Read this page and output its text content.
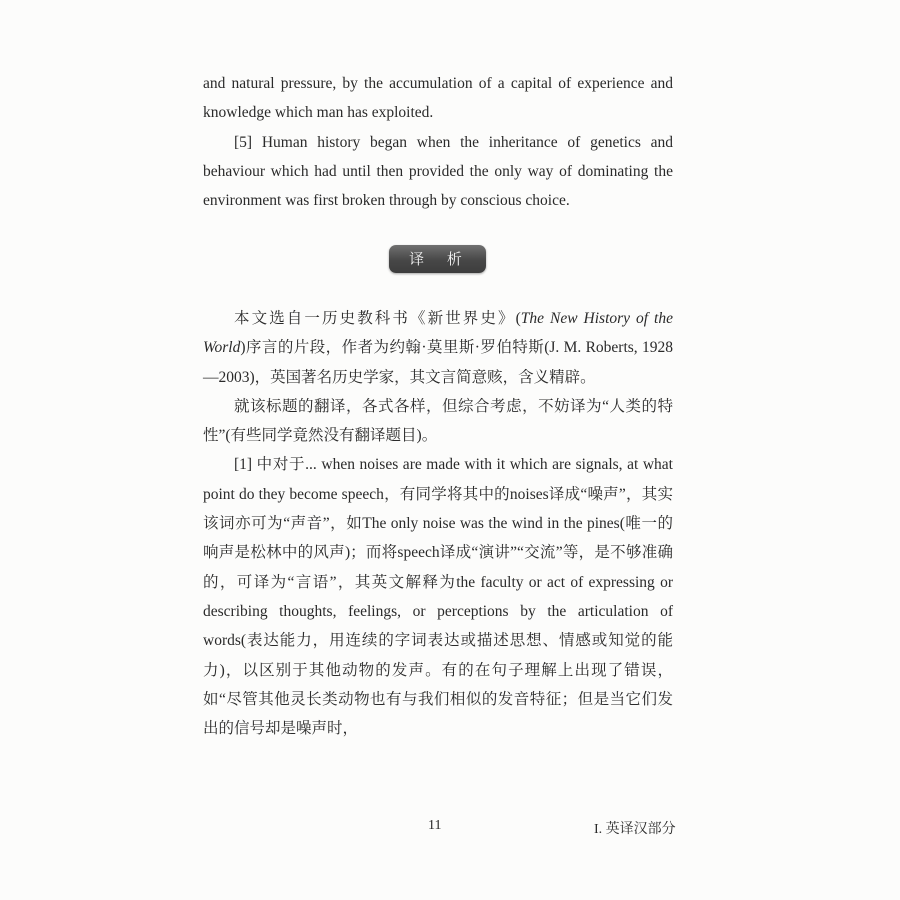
and natural pressure, by the accumulation of a capital of experience and knowledge which man has exploited.

[5] Human history began when the inheritance of genetics and behaviour which had until then provided the only way of dominating the environment was first broken through by conscious choice.

译 析

本文选自一历史教科书《新世界史》(The New History of the World)序言的片段，作者为约翰·莫里斯·罗伯特斯(J. M. Roberts, 1928—2003)，英国著名历史学家，其文言简意赅，含义精辟。

就该标题的翻译，各式各样，但综合考虑，不妨译为“人类的特性”(有些同学竟然没有翻译题目)。

[1] 中对于... when noises are made with it which are signals, at what point do they become speech，有同学将其中的noises译成“噪声”，其实该词亦可为“声音”，如The only noise was the wind in the pines(唯一的响声是松林中的风声)；而将speech译成“演讲”“交流”等，是不够准确的，可译为“言语”，其英文解释为the faculty or act of expressing or describing thoughts, feelings, or perceptions by the articulation of words(表达能力，用连续的字词表达或描述思想、情感或知觉的能力)，以区别于其他动物的发声。有的在句子理解上出现了错误，如“尽管其他灵长类动物也有与我们相似的发音特征；但是当它们发出的信号却是噪声时，

11	I. 英译汉部分
